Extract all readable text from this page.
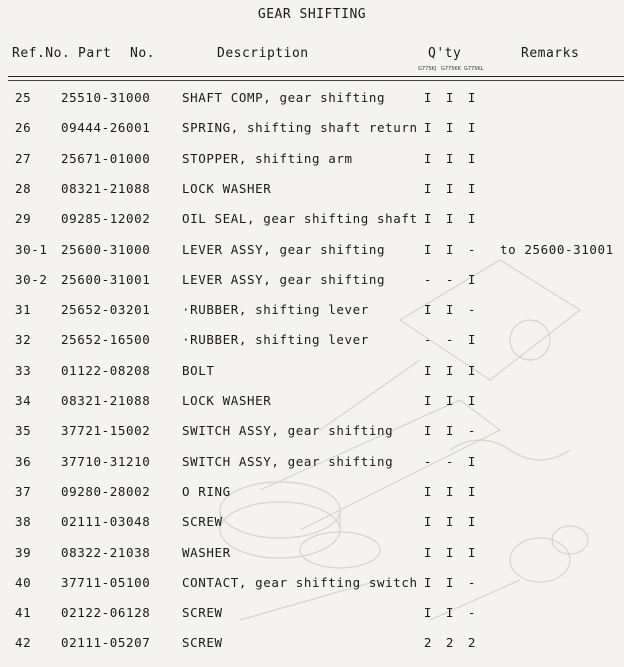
GEAR SHIFTING
Ref.No. Part No.	Description	Q'ty	Remarks
G775KJ G775KK G775KL
25 25510-31000	SHAFT COMP, gear shifting	I I I
26 09444-26001	SPRING, shifting shaft return I I I
27 25671-01000	STOPPER, shifting arm	I I I
28 08321-21088	LOCK WASHER	I I I
29 09285-12002	OIL SEAL, gear shifting shaft I I I
30-1 25600-31000	LEVER ASSY, gear shifting	I I - to 25600-31001
30-2 25600-31001	LEVER ASSY, gear shifting	- - I
31 25652-03201	·RUBBER, shifting lever	I I -
32 25652-16500	·RUBBER, shifting lever	- - I
33 01122-08208	BOLT	I I I
34 08321-21088	LOCK WASHER	I I I
35 37721-15002	SWITCH ASSY, gear shifting I I -
36 37710-31210	SWITCH ASSY, gear shifting - - I
37 09280-28002	O RING	I I I
38 02111-03048	SCREW	I I I
39 08322-21038	WASHER	I I I
40 37711-05100	CONTACT, gear shifting switch I I -
41 02122-06128	SCREW	I I -
42 02111-05207	SCREW	2 2 2
